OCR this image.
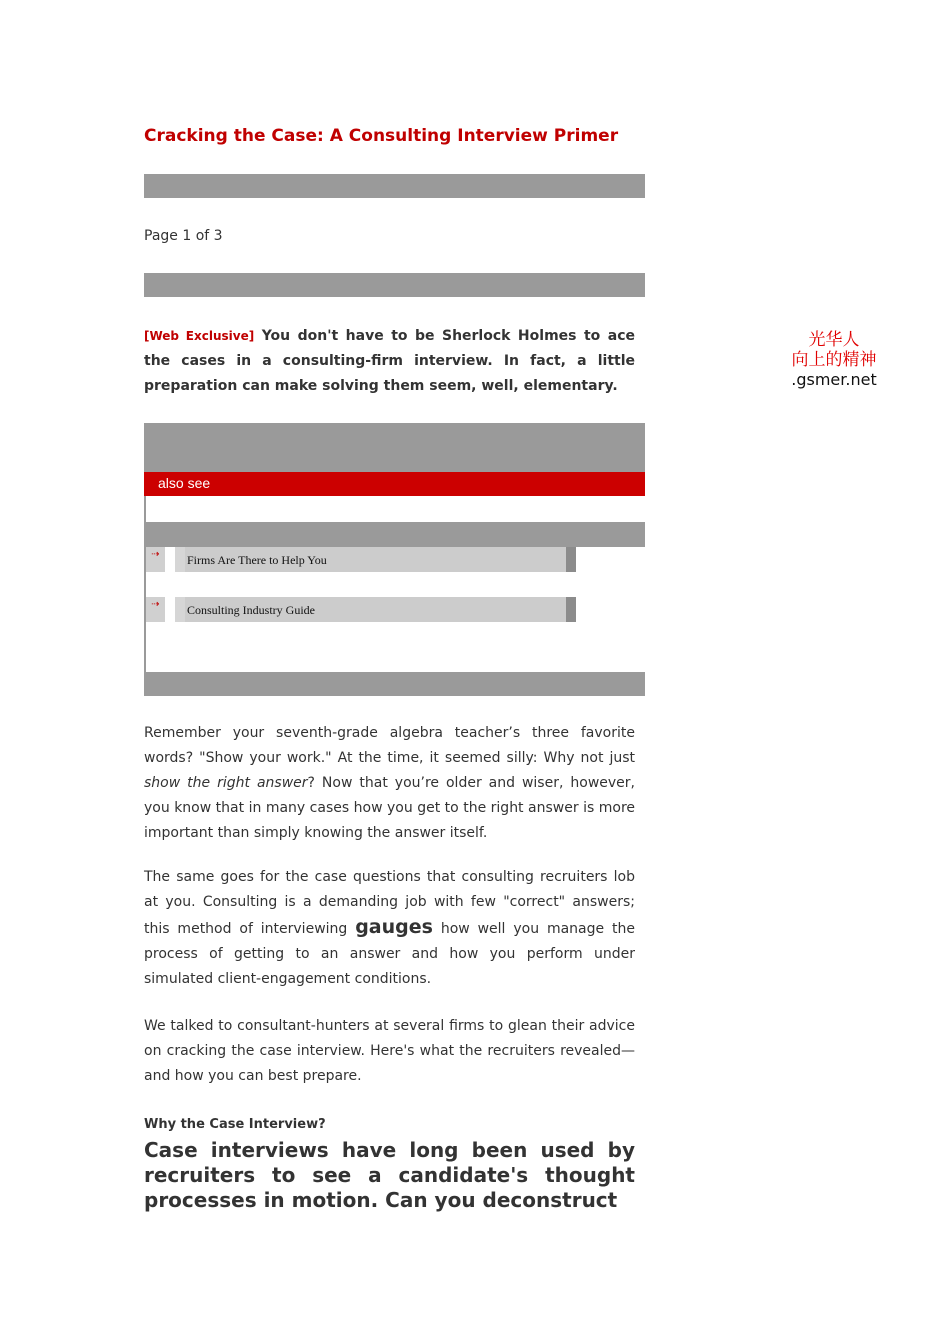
Cracking the Case: A Consulting Interview Primer
Page 1 of 3
[Web Exclusive] You don't have to be Sherlock Holmes to ace the cases in a consulting-firm interview. In fact, a little preparation can make solving them seem, well, elementary.
光华人
向上的精神
.gsmer.net
also see
⇢	Firms Are There to Help You
⇢	Consulting Industry Guide
Remember your seventh-grade algebra teacher’s three favorite words? "Show your work." At the time, it seemed silly: Why not just show the right answer? Now that you’re older and wiser, however, you know that in many cases how you get to the right answer is more important than simply knowing the answer itself.
The same goes for the case questions that consulting recruiters lob at you. Consulting is a demanding job with few "correct" answers; this method of interviewing gauges how well you manage the process of getting to an answer and how you perform under simulated client-engagement conditions.
We talked to consultant-hunters at several firms to glean their advice on cracking the case interview. Here's what the recruiters revealed—and how you can best prepare.
Why the Case Interview?
Case interviews have long been used by recruiters to see a candidate's thought processes in motion. Can you deconstruct
